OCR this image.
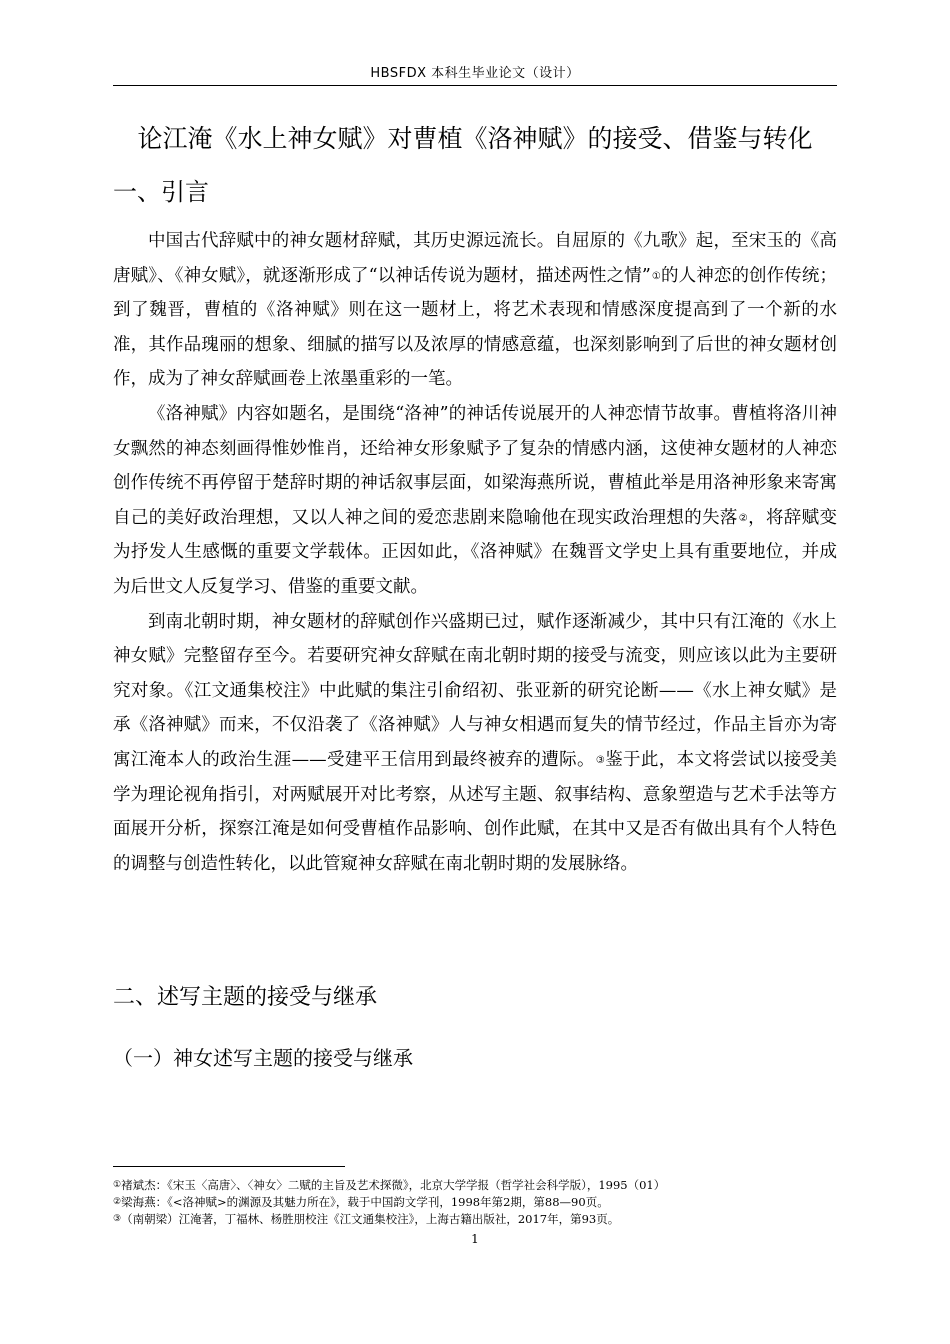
HBSFDX 本科生毕业论文（设计）
论江淹《水上神女赋》对曹植《洛神赋》的接受、借鉴与转化
一、引言

中国古代辞赋中的神女题材辞赋，其历史源远流长。自屈原的《九歌》起，至宋玉的《高唐赋》、《神女赋》，就逐渐形成了“以神话传说为题材，描述两性之情”①的人神恋的创作传统；到了魏晋，曹植的《洛神赋》则在这一题材上，将艺术表现和情感深度提高到了一个新的水准，其作品瑰丽的想象、细腻的描写以及浓厚的情感意蕴，也深刻影响到了后世的神女题材创作，成为了神女辞赋画卷上浓墨重彩的一笔。

《洛神赋》内容如题名，是围绕“洛神”的神话传说展开的人神恋情节故事。曹植将洛川神女飘然的神态刻画得惟妙惟肖，还给神女形象赋予了复杂的情感内涵，这使神女题材的人神恋创作传统不再停留于楚辞时期的神话叙事层面，如梁海燕所说，曹植此举是用洛神形象来寄寓自己的美好政治理想，又以人神之间的爱恋悲剧来隐喻他在现实政治理想的失落②，将辞赋变为抒发人生感慨的重要文学载体。正因如此，《洛神赋》在魏晋文学史上具有重要地位，并成为后世文人反复学习、借鉴的重要文献。

到南北朝时期，神女题材的辞赋创作兴盛期已过，赋作逐渐减少，其中只有江淹的《水上神女赋》完整留存至今。若要研究神女辞赋在南北朝时期的接受与流变，则应该以此为主要研究对象。《江文通集校注》中此赋的集注引俞绍初、张亚新的研究论断——《水上神女赋》是承《洛神赋》而来，不仅沿袭了《洛神赋》人与神女相遇而复失的情节经过，作品主旨亦为寄寓江淹本人的政治生涯——受建平王信用到最终被弃的遭际。③鉴于此，本文将尝试以接受美学为理论视角指引，对两赋展开对比考察，从述写主题、叙事结构、意象塑造与艺术手法等方面展开分析，探察江淹是如何受曹植作品影响、创作此赋，在其中又是否有做出具有个人特色的调整与创造性转化，以此管窥神女辞赋在南北朝时期的发展脉络。

二、述写主题的接受与继承
（一）神女述写主题的接受与继承
①褚斌杰：《宋玉〈高唐〉、〈神女〉二赋的主旨及艺术探微》，北京大学学报（哲学社会科学版），1995（01）
②梁海燕：《<洛神赋>的渊源及其魅力所在》，载于中国韵文学刊，1998年第2期，第88—90页。
③（南朝梁）江淹著，丁福林、杨胜朋校注《江文通集校注》，上海古籍出版社，2017年，第93页。
1
